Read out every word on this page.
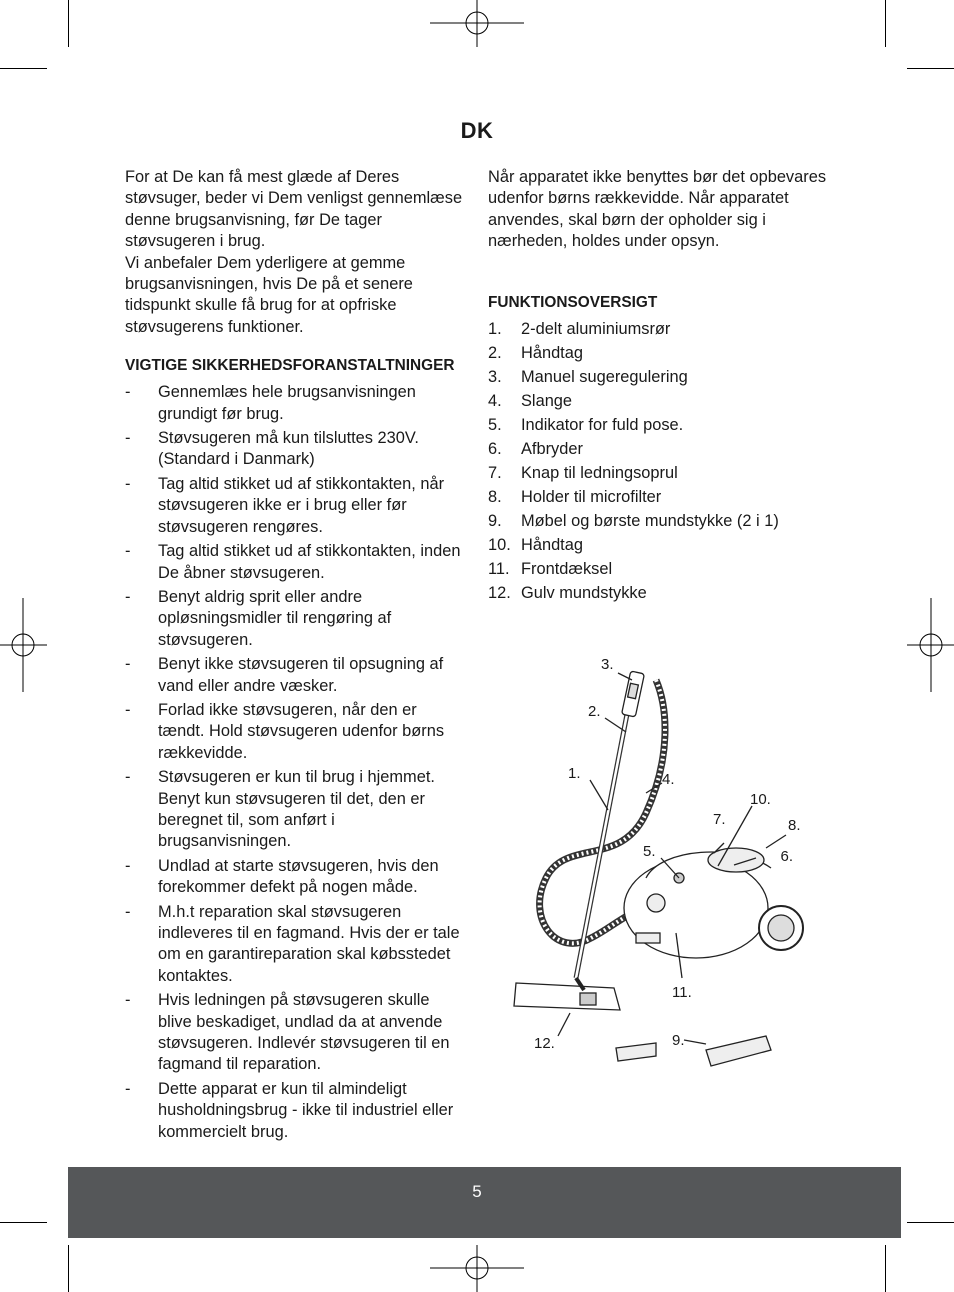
DK

For at De kan få mest glæde af Deres støvsuger, beder vi Dem venligst gennemlæse denne brugsanvisning, før De tager støvsugeren i brug.

Vi anbefaler Dem yderligere at gemme brugsanvisningen, hvis De på et senere tidspunkt skulle få brug for at opfriske støvsugerens funktioner.

VIGTIGE SIKKERHEDSFORANSTALTNINGER
- Gennemlæs hele brugsanvisningen grundigt før brug.
- Støvsugeren må kun tilsluttes 230V. (Standard i Danmark)
- Tag altid stikket ud af stikkontakten, når støvsugeren ikke er i brug eller før støvsugeren rengøres.
- Tag altid stikket ud af stikkontakten, inden De åbner støvsugeren.
- Benyt aldrig sprit eller andre opløsningsmidler til rengøring af støvsugeren.
- Benyt ikke støvsugeren til opsugning af vand eller andre væsker.
- Forlad ikke støvsugeren, når den er tændt. Hold støvsugeren udenfor børns rækkevidde.
- Støvsugeren er kun til brug i hjemmet. Benyt kun støvsugeren til det, den er beregnet til, som anført i brugsanvisningen.
- Undlad at starte støvsugeren, hvis den forekommer defekt på nogen måde.
- M.h.t reparation skal støvsugeren indleveres til en fagmand. Hvis der er tale om en garantireparation skal købsstedet kontaktes.
- Hvis ledningen på støvsugeren skulle blive beskadiget, undlad da at anvende støvsugeren. Indlevér støvsugeren til en fagmand til reparation.
- Dette apparat er kun til almindeligt husholdningsbrug - ikke til industriel eller kommercielt brug.

Når apparatet ikke benyttes bør det opbevares udenfor børns rækkevidde. Når apparatet anvendes, skal børn der opholder sig i nærheden, holdes under opsyn.

FUNKTIONSOVERSIGT
1. 2-delt aluminiumsrør
2. Håndtag
3. Manuel sugeregulering
4. Slange
5. Indikator for fuld pose.
6. Afbryder
7. Knap til ledningsoprul
8. Holder til microfilter
9. Møbel og børste mundstykke (2 i 1)
10. Håndtag
11. Frontdæksel
12. Gulv mundstykke
1.
2.
3.
4.
5.	6.
7.	8.
9.
10.
11.
12.
5
